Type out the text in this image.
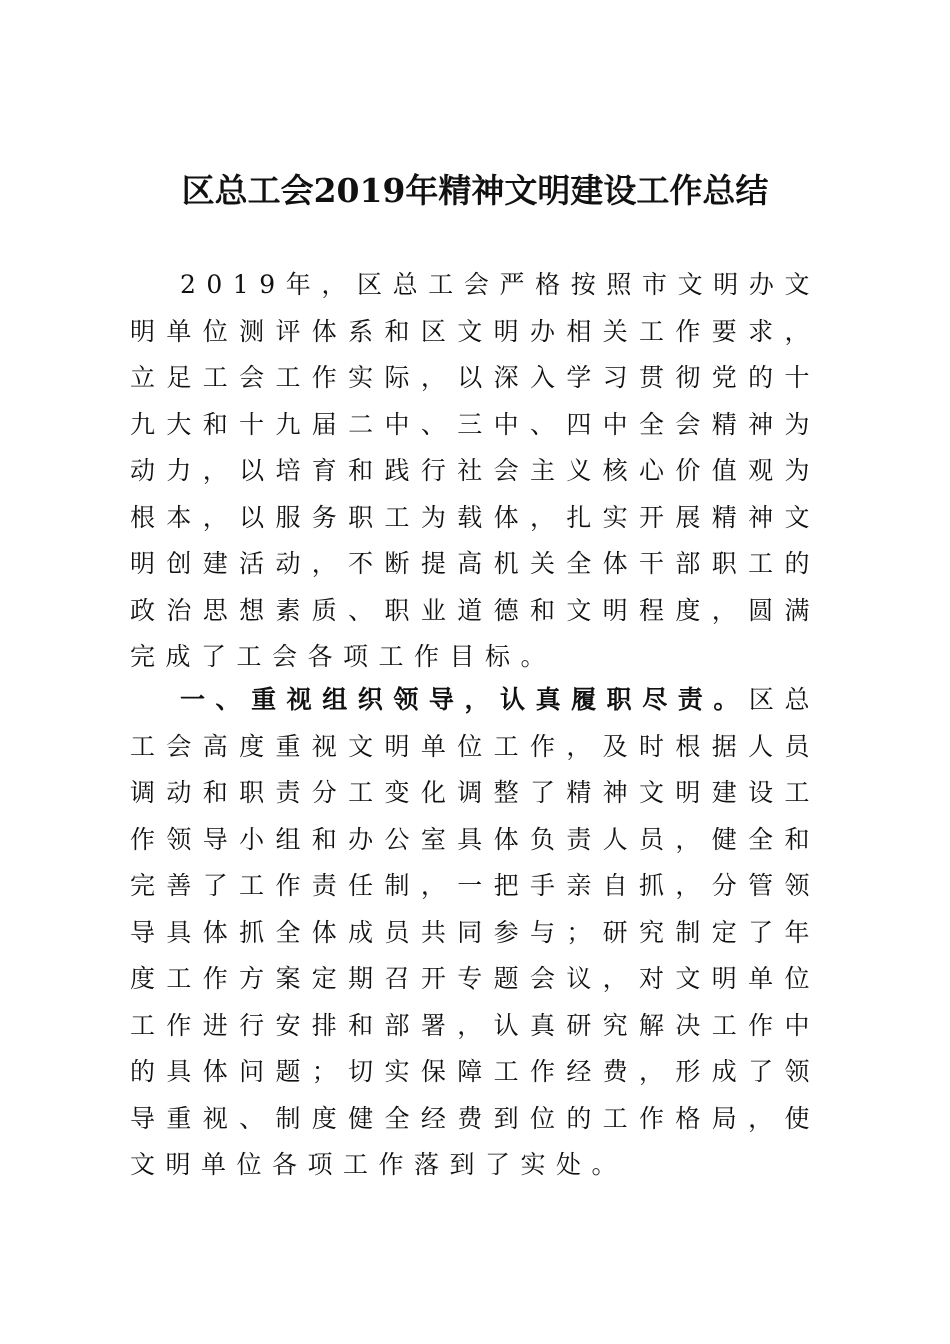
区总工会2019年精神文明建设工作总结

2019年，区总工会严格按照市文明办文明单位测评体系和区文明办相关工作要求，立足工会工作实际，以深入学习贯彻党的十九大和十九届二中、三中、四中全会精神为动力，以培育和践行社会主义核心价值观为根本，以服务职工为载体，扎实开展精神文明创建活动，不断提高机关全体干部职工的政治思想素质、职业道德和文明程度，圆满完成了工会各项工作目标。

一、重视组织领导，认真履职尽责。区总工会高度重视文明单位工作，及时根据人员调动和职责分工变化调整了精神文明建设工作领导小组和办公室具体负责人员，健全和完善了工作责任制，一把手亲自抓，分管领导具体抓全体成员共同参与；研究制定了年度工作方案定期召开专题会议，对文明单位工作进行安排和部署，认真研究解决工作中的具体问题；切实保障工作经费，形成了领导重视、制度健全经费到位的工作格局，使文明单位各项工作落到了实处。
